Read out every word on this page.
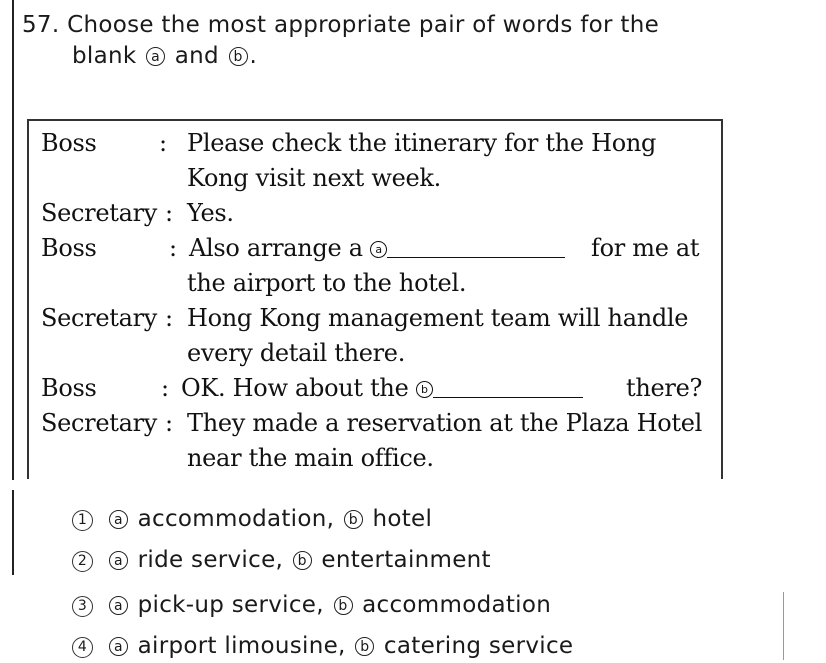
57. Choose the most appropriate pair of words for the
blank a and b .
Boss	: Please check the itinerary for the Hong
Kong visit next week.
Secretary : Yes.
Boss	: Also arrange a a	for me at
the airport to the hotel.
Secretary : Hong Kong management team will handle
every detail there.
Boss	: OK. How about the b	there?
Secretary : They made a reservation at the Plaza Hotel
near the main office.
1 a accommodation, b hotel
2 a ride service, b entertainment
3 a pick-up service, b accommodation
4 a airport limousine, b catering service
